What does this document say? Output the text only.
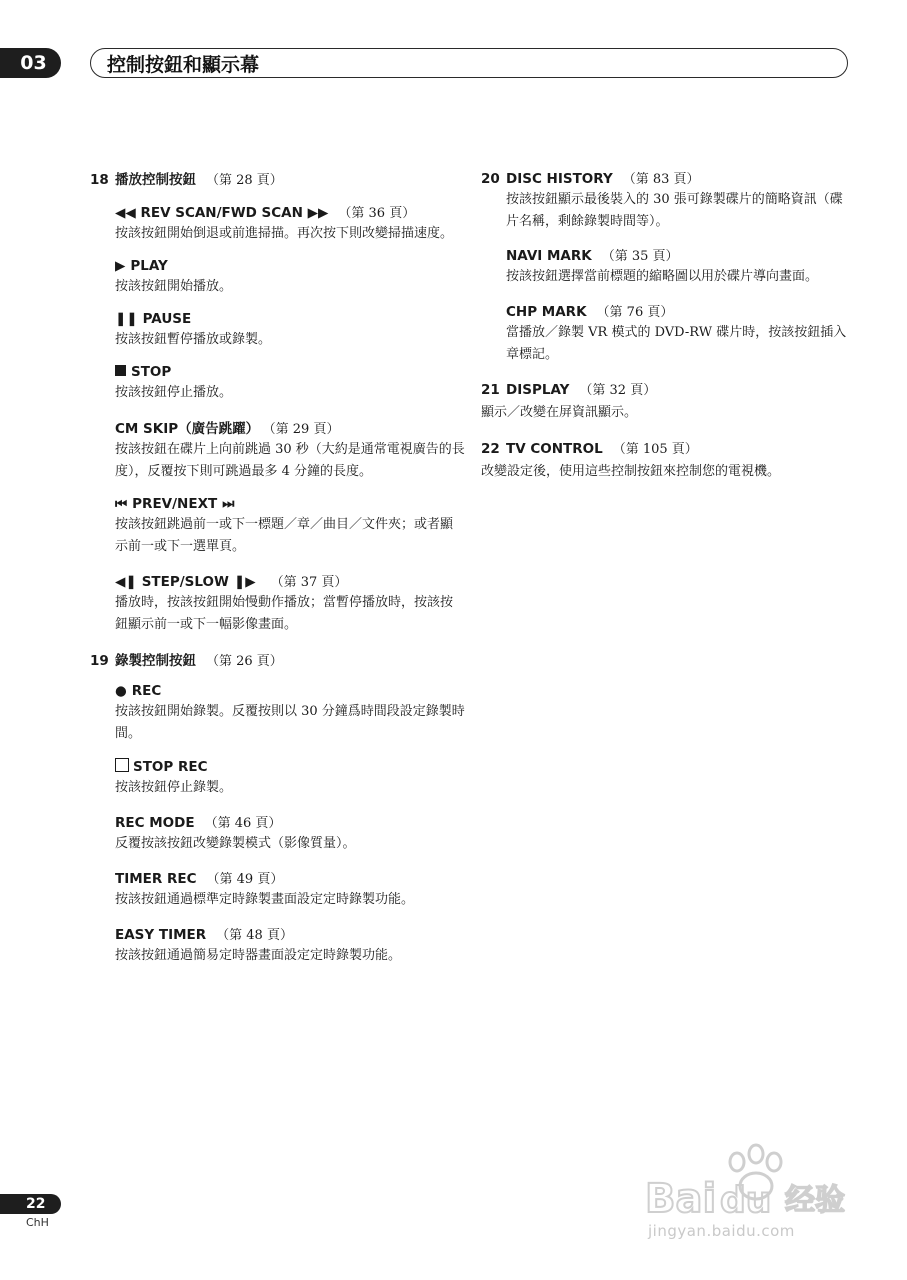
03	控制按鈕和顯示幕
18 播放控制按鈕 （第 28 頁）
◀◀ REV SCAN/FWD SCAN ▶▶ （第 36 頁）
按該按鈕開始倒退或前進掃描。再次按下則改變掃描速度。
▶ PLAY
按該按鈕開始播放。
❚❚ PAUSE
按該按鈕暫停播放或錄製。
STOP
按該按鈕停止播放。
CM SKIP（廣告跳躍） （第 29 頁）
按該按鈕在碟片上向前跳過 30 秒（大約是通常電視廣告的長度），反覆按下則可跳過最多 4 分鐘的長度。
⏮ PREV/NEXT ⏭
按該按鈕跳過前一或下一標題／章／曲目／文件夾；或者顯示前一或下一選單頁。
◀❚ STEP/SLOW ❚▶ （第 37 頁）
播放時，按該按鈕開始慢動作播放；當暫停播放時，按該按鈕顯示前一或下一幅影像畫面。
19 錄製控制按鈕 （第 26 頁）
● REC
按該按鈕開始錄製。反覆按則以 30 分鐘爲時間段設定錄製時間。
STOP REC
按該按鈕停止錄製。
REC MODE （第 46 頁）
反覆按該按鈕改變錄製模式（影像質量）。
TIMER REC （第 49 頁）
按該按鈕通過標準定時錄製畫面設定定時錄製功能。
EASY TIMER （第 48 頁）
按該按鈕通過簡易定時器畫面設定定時錄製功能。
20 DISC HISTORY （第 83 頁）
按該按鈕顯示最後裝入的 30 張可錄製碟片的簡略資訊（碟片名稱，剩餘錄製時間等）。
NAVI MARK （第 35 頁）
按該按鈕選擇當前標題的縮略圖以用於碟片導向畫面。
CHP MARK （第 76 頁）
當播放／錄製 VR 模式的 DVD-RW 碟片時，按該按鈕插入章標記。
21 DISPLAY （第 32 頁）
顯示／改變在屏資訊顯示。
22 TV CONTROL （第 105 頁）
改變設定後，使用這些控制按鈕來控制您的電視機。
22
ChH
Bai du 经验
jingyan.baidu.com
